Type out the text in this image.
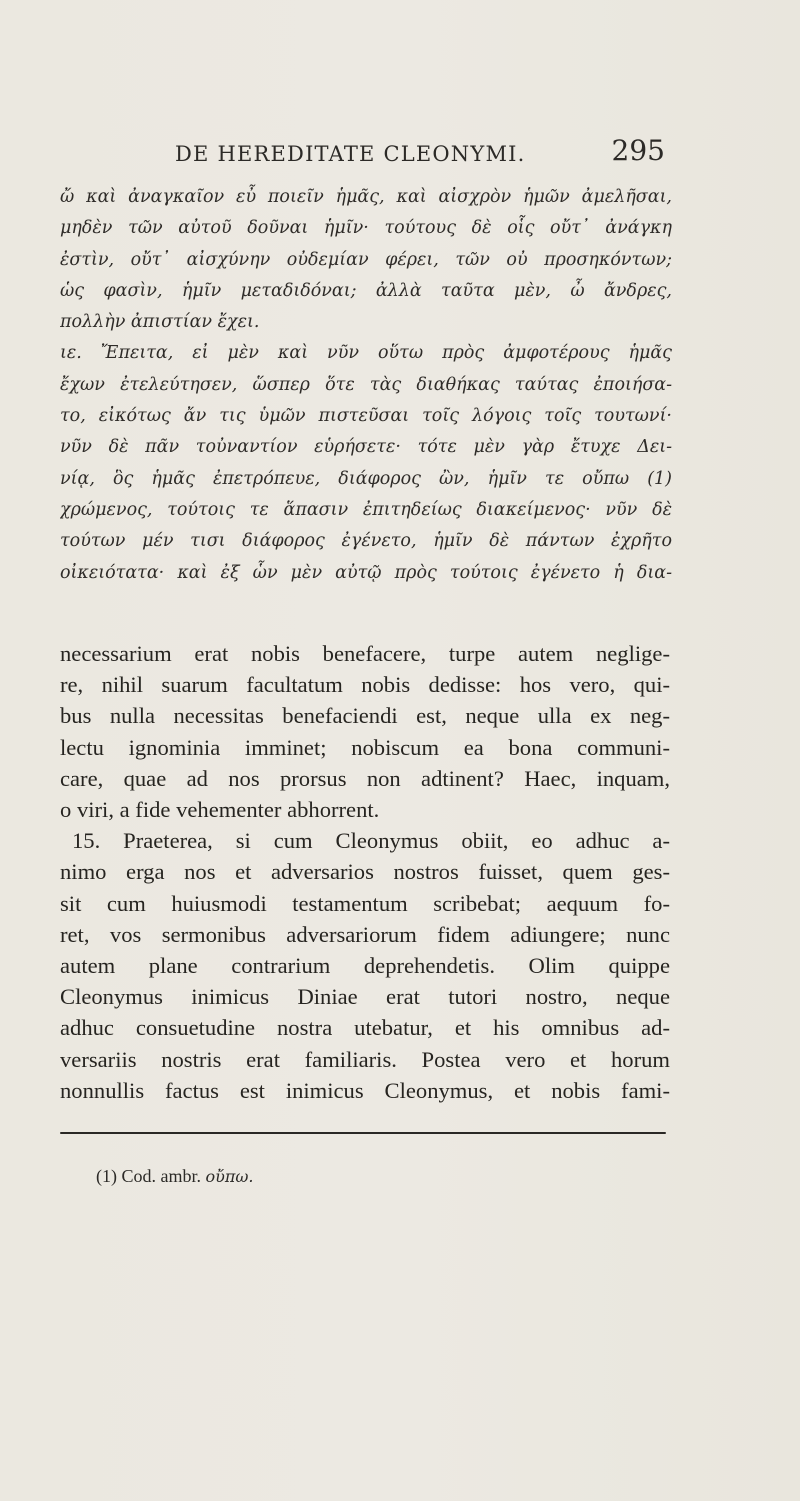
DE HEREDITATE CLEONYMI.	295
ὤ καὶ ἀναγκαῖον εὖ ποιεῖν ἡμᾶς, καὶ αἰσχρὸν ἡμῶν ἀμελῆσαι,
μηδὲν τῶν αὐτοῦ δοῦναι ἡμῖν· τούτους δὲ οἷς οὔτ᾽ ἀνάγκη
ἐστὶν, οὔτ᾽ αἰσχύνην οὐδεμίαν φέρει, τῶν οὐ προσηκόντων;
ὡς φασὶν, ἡμῖν μεταδιδόναι; ἀλλὰ ταῦτα μὲν, ὦ ἄνδρες,
πολλὴν ἀπιστίαν ἔχει.
ιε. Ἔπειτα, εἰ μὲν καὶ νῦν οὕτω πρὸς ἀμφοτέρους ἡμᾶς
ἔχων ἐτελεύτησεν, ὥσπερ ὅτε τὰς διαθήκας ταύτας ἐποιήσα-
το, εἰκότως ἄν τις ὑμῶν πιστεῦσαι τοῖς λόγοις τοῖς τουτωνί·
νῦν δὲ πᾶν τοὐναντίον εὑρήσετε· τότε μὲν γὰρ ἔτυχε Δει-
νίᾳ, ὃς ἡμᾶς ἐπετρόπευε, διάφορος ὢν, ἡμῖν τε οὔπω (1)
χρώμενος, τούτοις τε ἅπασιν ἐπιτηδείως διακείμενος· νῦν δὲ
τούτων μέν τισι διάφορος ἐγένετο, ἡμῖν δὲ πάντων ἐχρῆτο
οἰκειότατα· καὶ ἐξ ὧν μὲν αὐτῷ πρὸς τούτοις ἐγένετο ἡ δια-
necessarium erat nobis benefacere, turpe autem neglige-
re, nihil suarum facultatum nobis dedisse: hos vero, qui-
bus nulla necessitas benefaciendi est, neque ulla ex neg-
lectu ignominia imminet; nobiscum ea bona communi-
care, quae ad nos prorsus non adtinent? Haec, inquam,
o viri, a fide vehementer abhorrent.
15. Praeterea, si cum Cleonymus obiit, eo adhuc a-
nimo erga nos et adversarios nostros fuisset, quem ges-
sit cum huiusmodi testamentum scribebat; aequum fo-
ret, vos sermonibus adversariorum fidem adiungere; nunc
autem plane contrarium deprehendetis. Olim quippe
Cleonymus inimicus Diniae erat tutori nostro, neque
adhuc consuetudine nostra utebatur, et his omnibus ad-
versariis nostris erat familiaris. Postea vero et horum
nonnullis factus est inimicus Cleonymus, et nobis fami-
(1) Cod. ambr. οὔπω.
